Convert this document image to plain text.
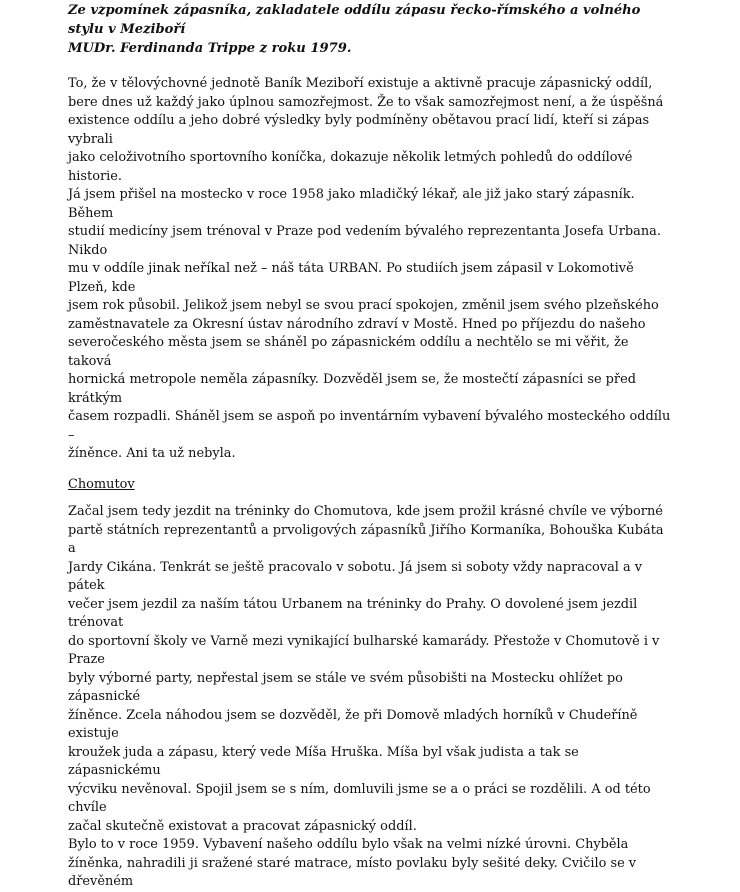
Ze vzpomínek zápasníka, zakladatele oddílu zápasu řecko-římského a volného stylu v Meziboří
MUDr. Ferdinanda Trippe z roku 1979.

To, že v tělovýchovné jednotě Baník Meziboří existuje a aktivně pracuje zápasnický oddíl,
bere dnes už každý jako úplnou samozřejmost. Že to však samozřejmost není, a že úspěšná
existence oddílu a jeho dobré výsledky byly podmíněny obětavou prací lidí, kteří si zápas vybrali
jako celoživotního sportovního koníčka, dokazuje několik letmých pohledů do oddílové historie.
Já jsem přišel na mostecko v roce 1958 jako mladičký lékař, ale již jako starý zápasník. Během
studií medicíny jsem trénoval v Praze pod vedením bývalého reprezentanta Josefa Urbana. Nikdo
mu v oddíle jinak neříkal než – náš táta URBAN. Po studiích jsem zápasil v Lokomotivě Plzeň, kde
jsem rok působil. Jelikož jsem nebyl se svou prací spokojen, změnil jsem svého plzeňského
zaměstnavatele za Okresní ústav národního zdraví v Mostě. Hned po příjezdu do našeho
severočeského města jsem se sháněl po zápasnickém oddílu a nechtělo se mi věřit, že taková
hornická metropole neměla zápasníky. Dozvěděl jsem se, že mostečtí zápasníci se před krátkým
časem rozpadli. Sháněl jsem se aspoň po inventárním vybavení bývalého mosteckého oddílu –
žíněnce. Ani ta už nebyla.

Chomutov

Začal jsem tedy jezdit na tréninky do Chomutova, kde jsem prožil krásné chvíle ve výborné
partě státních reprezentantů a prvoligových zápasníků Jiřího Kormaníka, Bohouška Kubáta a
Jardy Cikána. Tenkrát se ještě pracovalo v sobotu. Já jsem si soboty vždy napracoval a v pátek
večer jsem jezdil za naším tátou Urbanem na tréninky do Prahy. O dovolené jsem jezdil trénovat
do sportovní školy ve Varně mezi vynikající bulharské kamarády. Přestože v Chomutově i v Praze
byly výborné party, nepřestal jsem se stále ve svém působišti na Mostecku ohlížet po zápasnické
žíněnce. Zcela náhodou jsem se dozvěděl, že při Domově mladých horníků v Chudeříně existuje
kroužek juda a zápasu, který vede Míša Hruška. Míša byl však judista a tak se zápasnickému
výcviku nevěnoval. Spojil jsem se s ním, domluvili jsme se a o práci se rozdělili. A od této chvíle
začal skutečně existovat a pracovat zápasnický oddíl.

Bylo to v roce 1959. Vybavení našeho oddílu bylo však na velmi nízké úrovni. Chyběla
žíněnka, nahradili ji sražené staré matrace, místo povlaku byly sešité deky. Cvičilo se v dřevěném
